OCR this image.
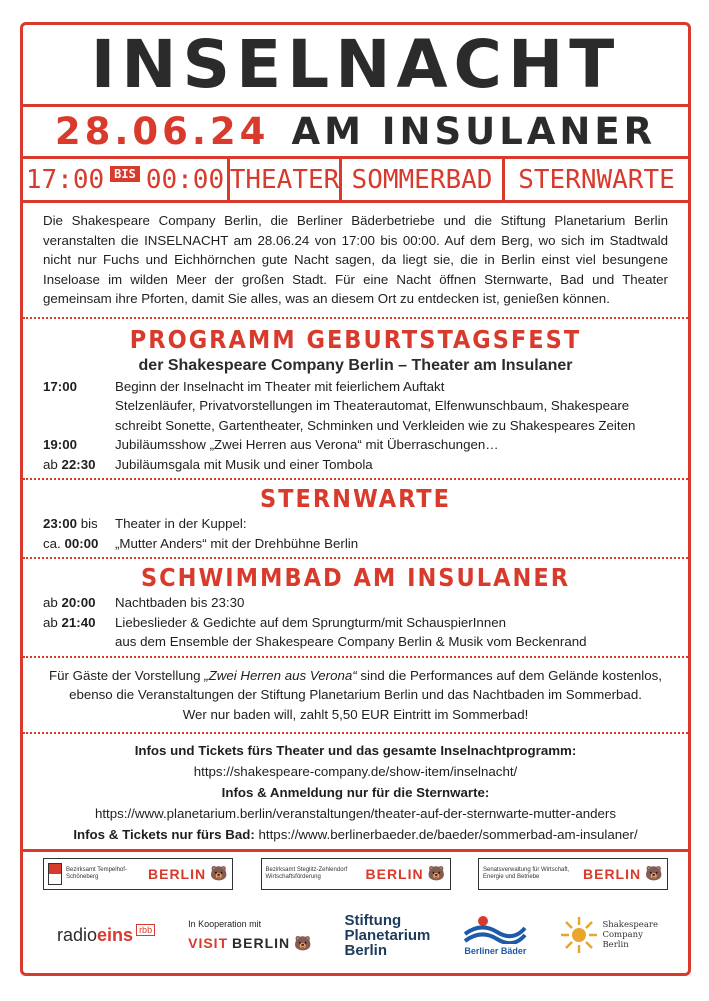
INSELNACHT
28.06.24 AM INSULANER
17:00 BIS 00:00 THEATER SOMMERBAD STERNWARTE

Die Shakespeare Company Berlin, die Berliner Bäderbetriebe und die Stiftung Planetarium Berlin veranstalten die INSELNACHT am 28.06.24 von 17:00 bis 00:00. Auf dem Berg, wo sich im Stadtwald nicht nur Fuchs und Eichhörnchen gute Nacht sagen, da liegt sie, die in Berlin einst viel besungene Inseloase im wilden Meer der großen Stadt. Für eine Nacht öffnen Sternwarte, Bad und Theater gemeinsam ihre Pforten, damit Sie alles, was an diesem Ort zu entdecken ist, genießen können.

PROGRAMM GEBURTSTAGSFEST
der Shakespeare Company Berlin – Theater am Insulaner
17:00	Beginn der Inselnacht im Theater mit feierlichem Auftakt
Stelzenläufer, Privatvorstellungen im Theaterautomat, Elfenwunschbaum, Shakespeare schreibt Sonette, Gartentheater, Schminken und Verkleiden wie zu Shakespeares Zeiten
19:00	Jubiläumsshow „Zwei Herren aus Verona“ mit Überraschungen…
ab 22:30	Jubiläumsgala mit Musik und einer Tombola
STERNWARTE
23:00 bis	Theater in der Kuppel:
ca. 00:00	„Mutter Anders“ mit der Drehbühne Berlin
SCHWIMMBAD AM INSULANER
ab 20:00	Nachtbaden bis 23:30
ab 21:40	Liebeslieder & Gedichte auf dem Sprungturm/mit SchauspierInnen
aus dem Ensemble der Shakespeare Company Berlin & Musik vom Beckenrand
Für Gäste der Vorstellung „Zwei Herren aus Verona“ sind die Performances auf dem Gelände kostenlos, ebenso die Veranstaltungen der Stiftung Planetarium Berlin und das Nachtbaden im Sommerbad.
Wer nur baden will, zahlt 5,50 EUR Eintritt im Sommerbad!
Infos und Tickets fürs Theater und das gesamte Inselnachtprogramm:
https://shakespeare-company.de/show-item/inselnacht/
Infos & Anmeldung nur für die Sternwarte:
https://www.planetarium.berlin/veranstaltungen/theater-auf-der-sternwarte-mutter-anders
Infos & Tickets nur fürs Bad: https://www.berlinerbaeder.de/baeder/sommerbad-am-insulaner/
Bezirksamt Tempelhof-Schöneberg	BERLIN 🐻	Bezirksamt Steglitz-Zehlendorf Wirtschaftsförderung	BERLIN 🐻	Senatsverwaltung für Wirtschaft, Energie und Betriebe	BERLIN 🐻
radioeins $^{rbb}$
In Kooperation mit
VISIT BERLIN 🐻
Stiftung
Planetarium
Berlin	Berliner Bäder
Shakespeare
Company
Berlin
